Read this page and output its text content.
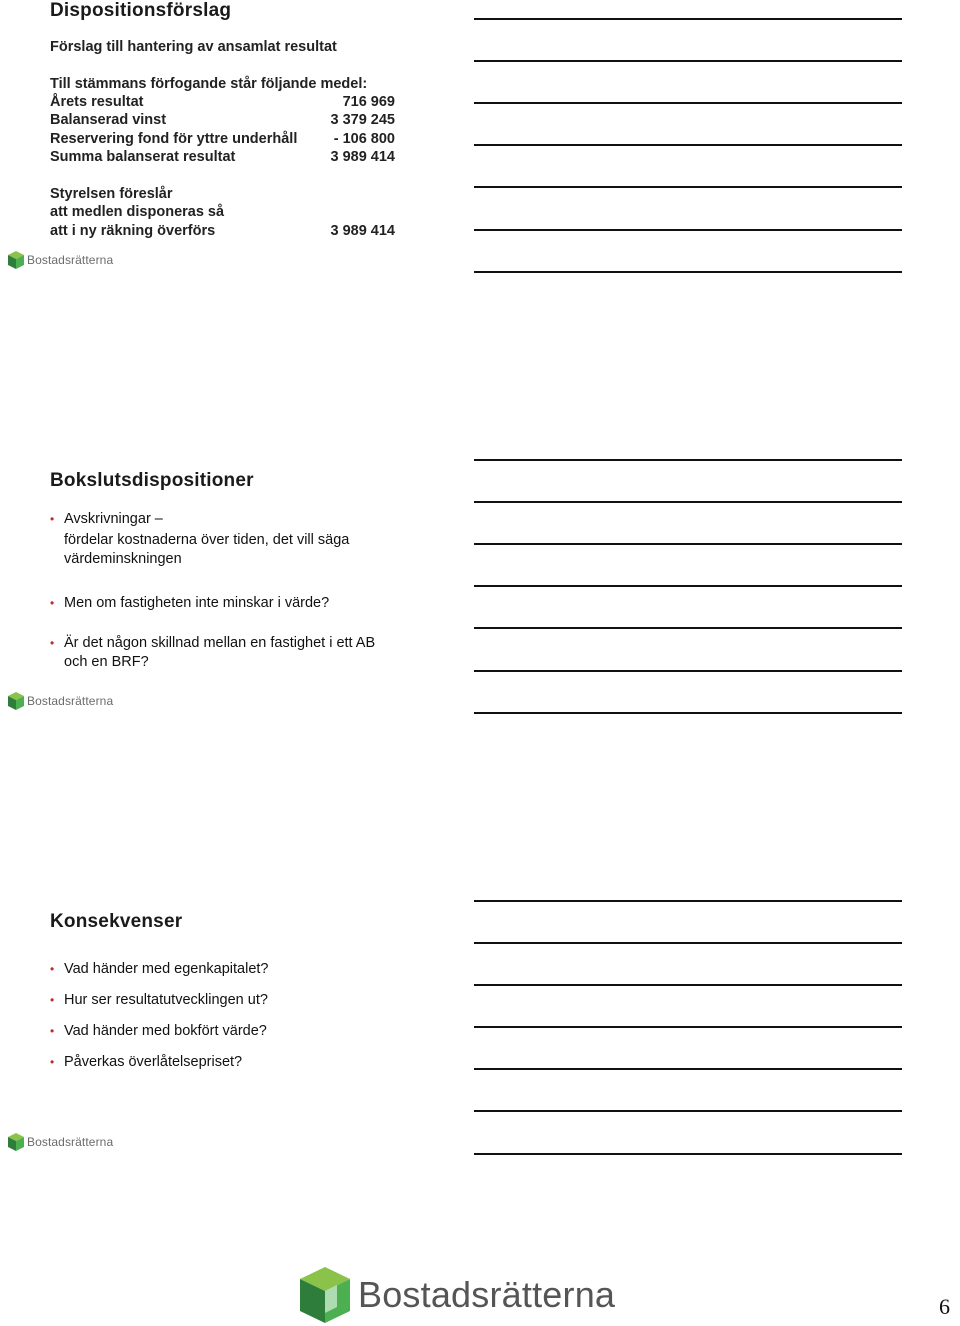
Dispositionsförslag
Förslag till hantering av ansamlat resultat
Till stämmans förfogande står följande medel:
Årets resultat	716 969
Balanserad vinst	3 379 245
Reservering fond för yttre underhåll	- 106 800
Summa balanserat resultat	3 989 414
Styrelsen föreslår
att medlen disponeras så
att i ny räkning överförs	3 989 414
Bostadsrätterna
Bokslutsdispositioner
• Avskrivningar –
fördelar kostnaderna över tiden, det vill säga
värdeminskningen
• Men om fastigheten inte minskar i värde?
• Är det någon skillnad mellan en fastighet i ett AB
och en BRF?
Bostadsrätterna
Konsekvenser
• Vad händer med egenkapitalet?
• Hur ser resultatutvecklingen ut?
• Vad händer med bokfört värde?
• Påverkas överlåtelsepriset?
Bostadsrätterna
Bostadsrätterna	6
